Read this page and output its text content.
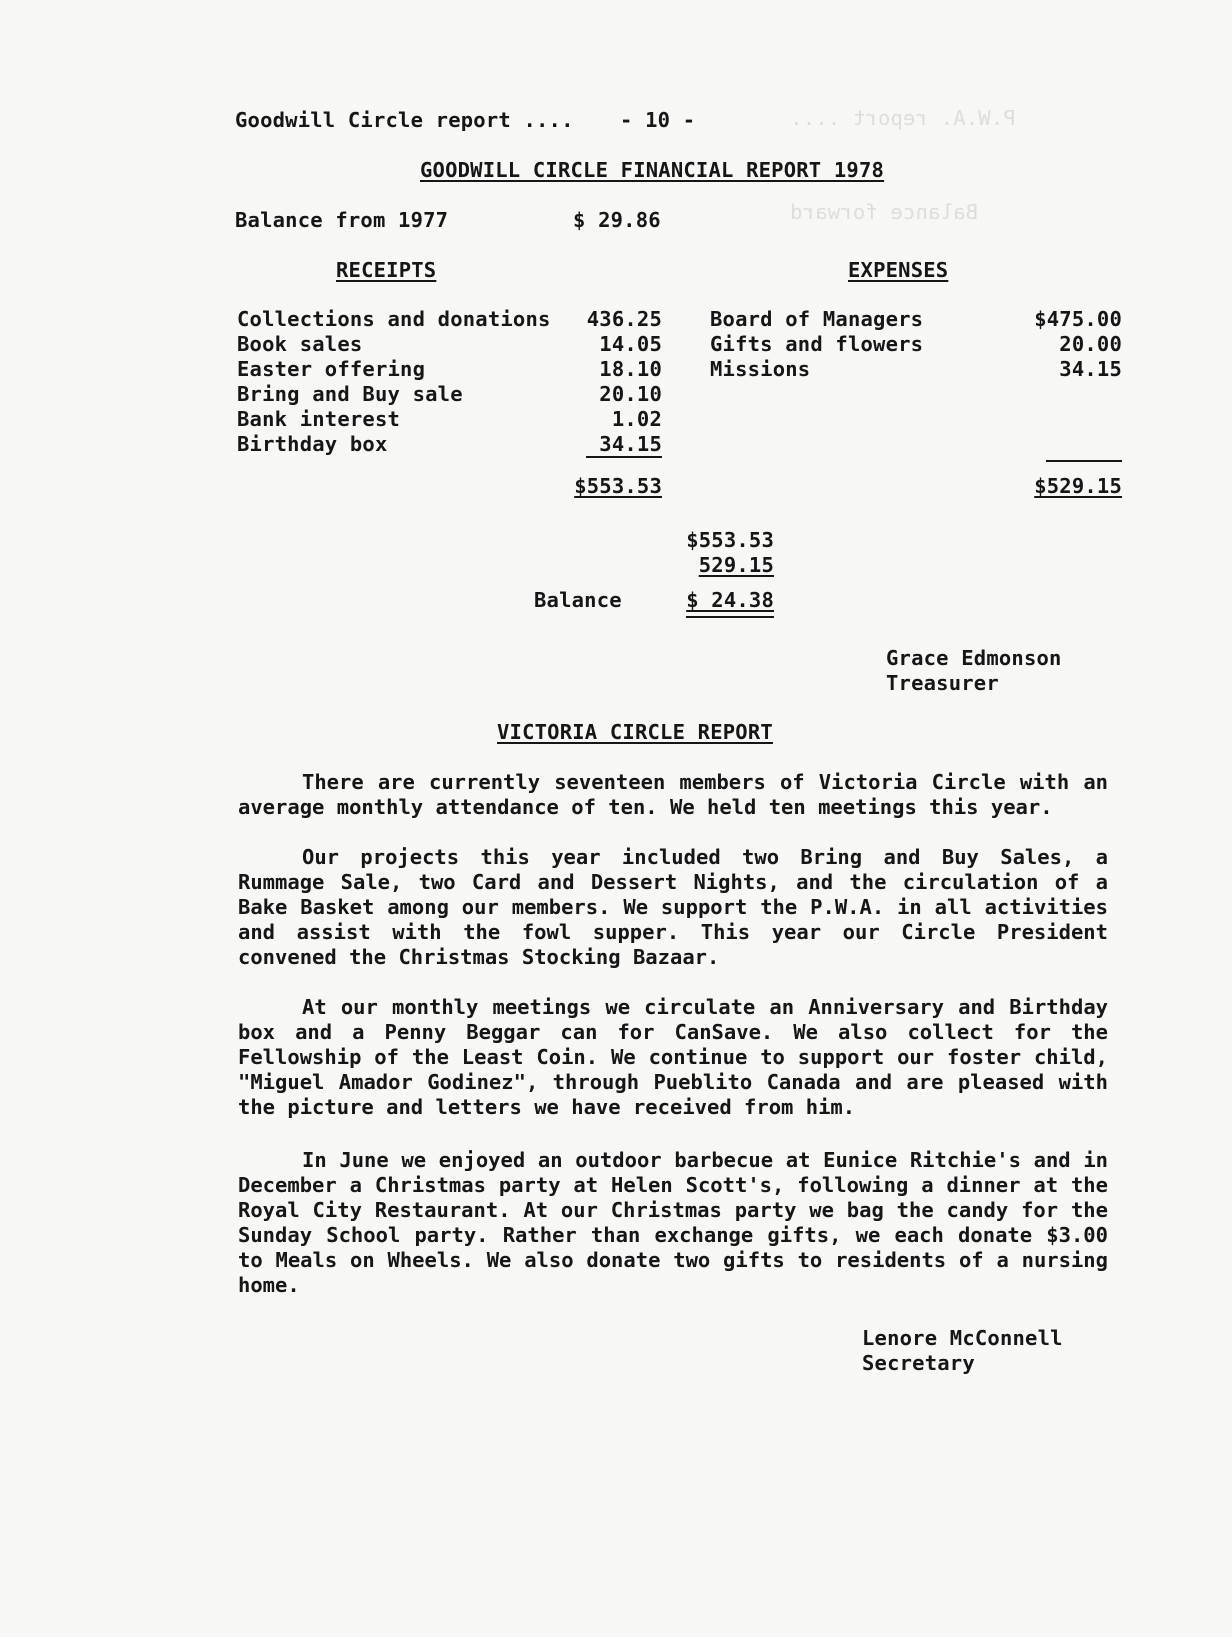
P.W.A. report ....
Balance forward
Goodwill Circle report .... - 10 -
GOODWILL CIRCLE FINANCIAL REPORT 1978
Balance from 1977	$ 29.86
RECEIPTS	EXPENSES
Collections and donations	436.25
Book sales	14.05
Easter offering	18.10
Bring and Buy sale	20.10
Bank interest	1.02
Birthday box	34.15
$553.53
Board of Managers	$475.00
Gifts and flowers	20.00
Missions	34.15
$529.15
$553.53
529.15
Balance	$ 24.38
Grace Edmonson
Treasurer
VICTORIA CIRCLE REPORT
There are currently seventeen members of Victoria Circle with an average monthly attendance of ten. We held ten meetings this year.
Our projects this year included two Bring and Buy Sales, a Rummage Sale, two Card and Dessert Nights, and the circulation of a Bake Basket among our members. We support the P.W.A. in all activities and assist with the fowl supper. This year our Circle President convened the Christmas Stocking Bazaar.
At our monthly meetings we circulate an Anniversary and Birthday box and a Penny Beggar can for CanSave. We also collect for the Fellowship of the Least Coin. We continue to support our foster child, "Miguel Amador Godinez", through Pueblito Canada and are pleased with the picture and letters we have received from him.
In June we enjoyed an outdoor barbecue at Eunice Ritchie's and in December a Christmas party at Helen Scott's, following a dinner at the Royal City Restaurant. At our Christmas party we bag the candy for the Sunday School party. Rather than exchange gifts, we each donate $3.00 to Meals on Wheels. We also donate two gifts to residents of a nursing home.
Lenore McConnell
Secretary
